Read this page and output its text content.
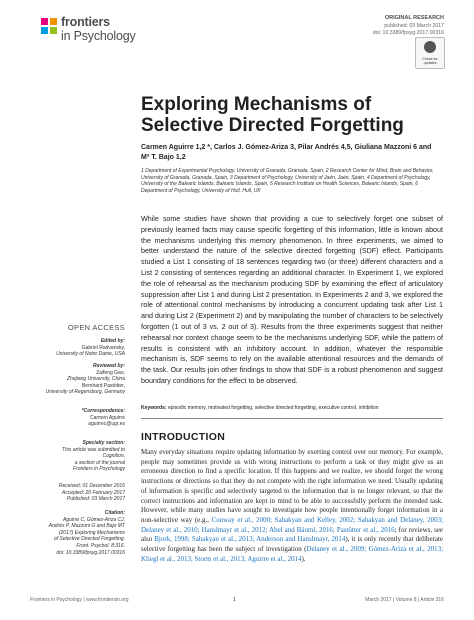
frontiers
in Psychology
ORIGINAL RESEARCH
published: 03 March 2017
doi: 10.3389/fpsyg.2017.00316
Check for updates
OPEN ACCESS
Edited by:
Gabriel Radvansky,
University of Notre Dame, USA
Reviewed by:
Zaifeng Gao,
Zhejiang University, China
Bernhard Pastötter,
University of Regensburg, Germany
*Correspondence:
Carmen Aguirre
aguirrec@ugr.es
Specialty section:
This article was submitted to
Cognition,
a section of the journal
Frontiers in Psychology
Received: 01 December 2016
Accepted: 20 February 2017
Published: 03 March 2017
Citation:
Aguirre C, Gómez-Ariza CJ,
Andrés P, Mazzoni G and Bajo MT
(2017) Exploring Mechanisms
of Selective Directed Forgetting.
Front. Psychol. 8:316.
doi: 10.3389/fpsyg.2017.00316
Exploring Mechanisms of Selective Directed Forgetting
Carmen Aguirre 1,2 *, Carlos J. Gómez-Ariza 3, Pilar Andrés 4,5, Giuliana Mazzoni 6 and Mª T. Bajo 1,2
1 Department of Experimental Psychology, University of Granada, Granada, Spain, 2 Research Center for Mind, Brain and Behavior, University of Granada, Granada, Spain, 3 Department of Psychology, University of Jaén, Jaén, Spain, 4 Department of Psychology, University of the Balearic Islands, Balearic Islands, Spain, 5 Research Institute on Health Sciences, Balearic Islands, Spain, 6 Department of Psychology, University of Hull, Hull, UK
While some studies have shown that providing a cue to selectively forget one subset of previously learned facts may cause specific forgetting of this information, little is known about the mechanisms underlying this memory phenomenon. In three experiments, we aimed to better understand the nature of the selective directed forgetting (SDF) effect. Participants studied a List 1 consisting of 18 sentences regarding two (or three) different characters and a List 2 consisting of sentences regarding an additional character. In Experiment 1, we explored the role of rehearsal as the mechanism producing SDF by examining the effect of articulatory suppression after List 1 and during List 2 presentation. In Experiments 2 and 3, we explored the role of attentional control mechanisms by introducing a concurrent updating task after List 1 and during List 2 (Experiment 2) and by manipulating the number of characters to be selectively forgotten (1 out of 3 vs. 2 out of 3). Results from the three experiments suggest that neither rehearsal nor context change seem to be the mechanisms underlying SDF, while the pattern of results is consistent with an inhibitory account. In addition, whatever the responsible mechanism is, SDF seems to rely on the available attentional resources and the demands of the task. Our results join other findings to show that SDF is a robust phenomenon and suggest boundary conditions for the effect to be observed.
Keywords: episodic memory, motivated forgetting, selective directed forgetting, executive control, inhibition
INTRODUCTION
Many everyday situations require updating information by exerting control over our memory. For example, people may sometimes provide us with wrong instructions to perform a task or they might give us an erroneous direction to find a specific location. If this happens and we realize, we should forget the wrong instructions or directions so that they do not compete with the right information we need. Usually updating of information is specific and selectively targeted to the information that is no longer relevant, so that the correct instructions and information are kept in mind to be able to successfully perform the intended task. However, while many studies have sought to investigate how people intentionally forget information in a non-selective way (e.g., Conway et al., 2000; Sahakyan and Kelley, 2002; Sahakyan and Delaney, 2003; Delaney et al., 2010; Hanslmayr et al., 2012; Abel and Bäuml, 2016; Pastötter et al., 2016; for reviews, see also Bjork, 1998; Sahakyan et al., 2013; Anderson and Hanslmayr, 2014), it is only recently that deliberate selective forgetting has been the subject of investigation (Delaney et al., 2009; Gómez-Ariza et al., 2013; Kliegl et al., 2013; Storm et al., 2013; Aguirre et al., 2014).
Frontiers in Psychology | www.frontiersin.org	1	March 2017 | Volume 8 | Article 316
